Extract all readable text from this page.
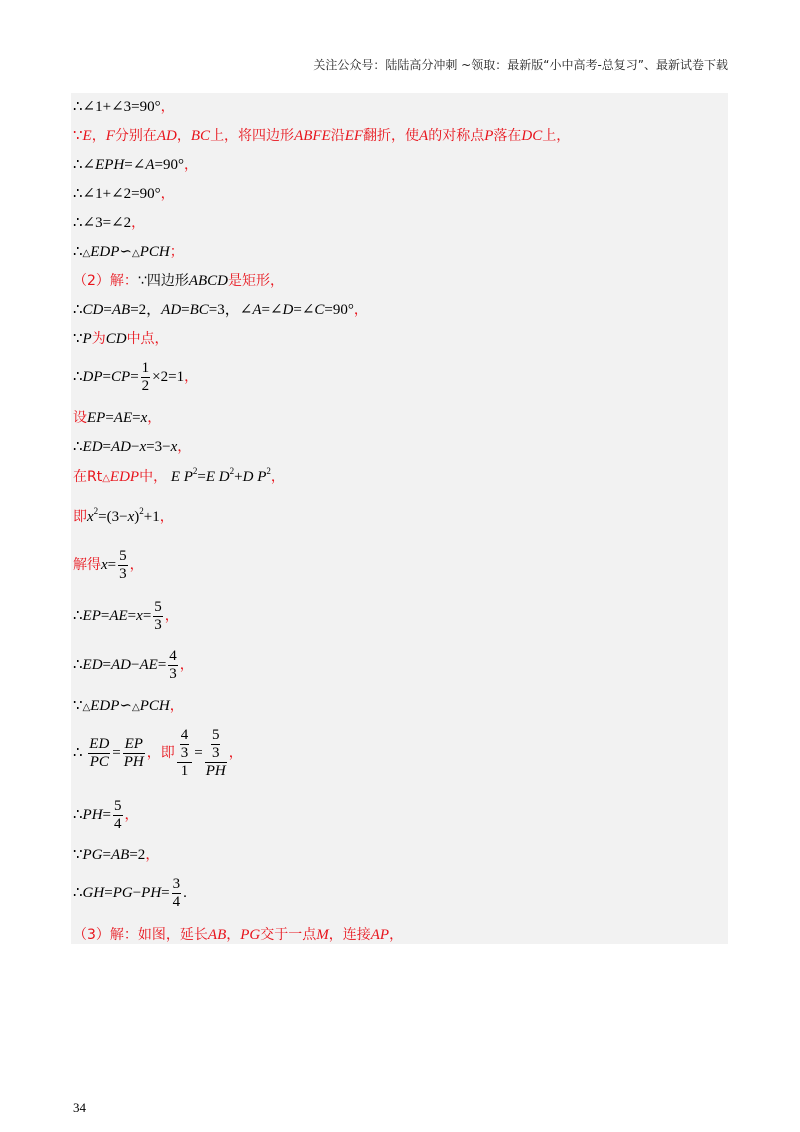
关注公众号：陆陆高分冲刺 ~领取：最新版“小中高考-总复习”、最新试卷下载
∴∠1+∠3=90°，
∵E，F分别在AD，BC上，将四边形ABFE沿EF翻折，使A的对称点P落在DC上，
∴∠EPH=∠A=90°，
∴∠1+∠2=90°，
∴∠3=∠2，
∴△EDP∽△PCH；
（2）解：∵四边形ABCD是矩形，
∴CD=AB=2，AD=BC=3，∠A=∠D=∠C=90°，
∵P为CD中点，
∴DP=CP= $\frac{1}{2} \times 2=1$，
设EP=AE=x，
∴ED=AD−x=3−x，
在Rt△EDP中， E $P^2=E$ $D^2+D$ $P^2$，
即$x^2=(3-x)^2+1$，
解得$x= \frac{5}{3}$ ，
∴EP=AE=x= $\frac{5}{3}$ ，
∴ED=AD−AE= $\frac{4}{3}$ ，
∵△EDP∽△PCH，
∴ $\frac{ED}{PC} = \frac{EP}{PH}$ ，即 $\frac{\frac{4}{3}}{1} = \frac{\frac{5}{3}}{PH}$ ，
∴PH= $\frac{5}{4}$ ，
∵PG=AB=2，
∴GH=PG−PH= $\frac{3}{4}$ .
（3）解：如图，延长AB，PG交于一点M，连接AP，
34
